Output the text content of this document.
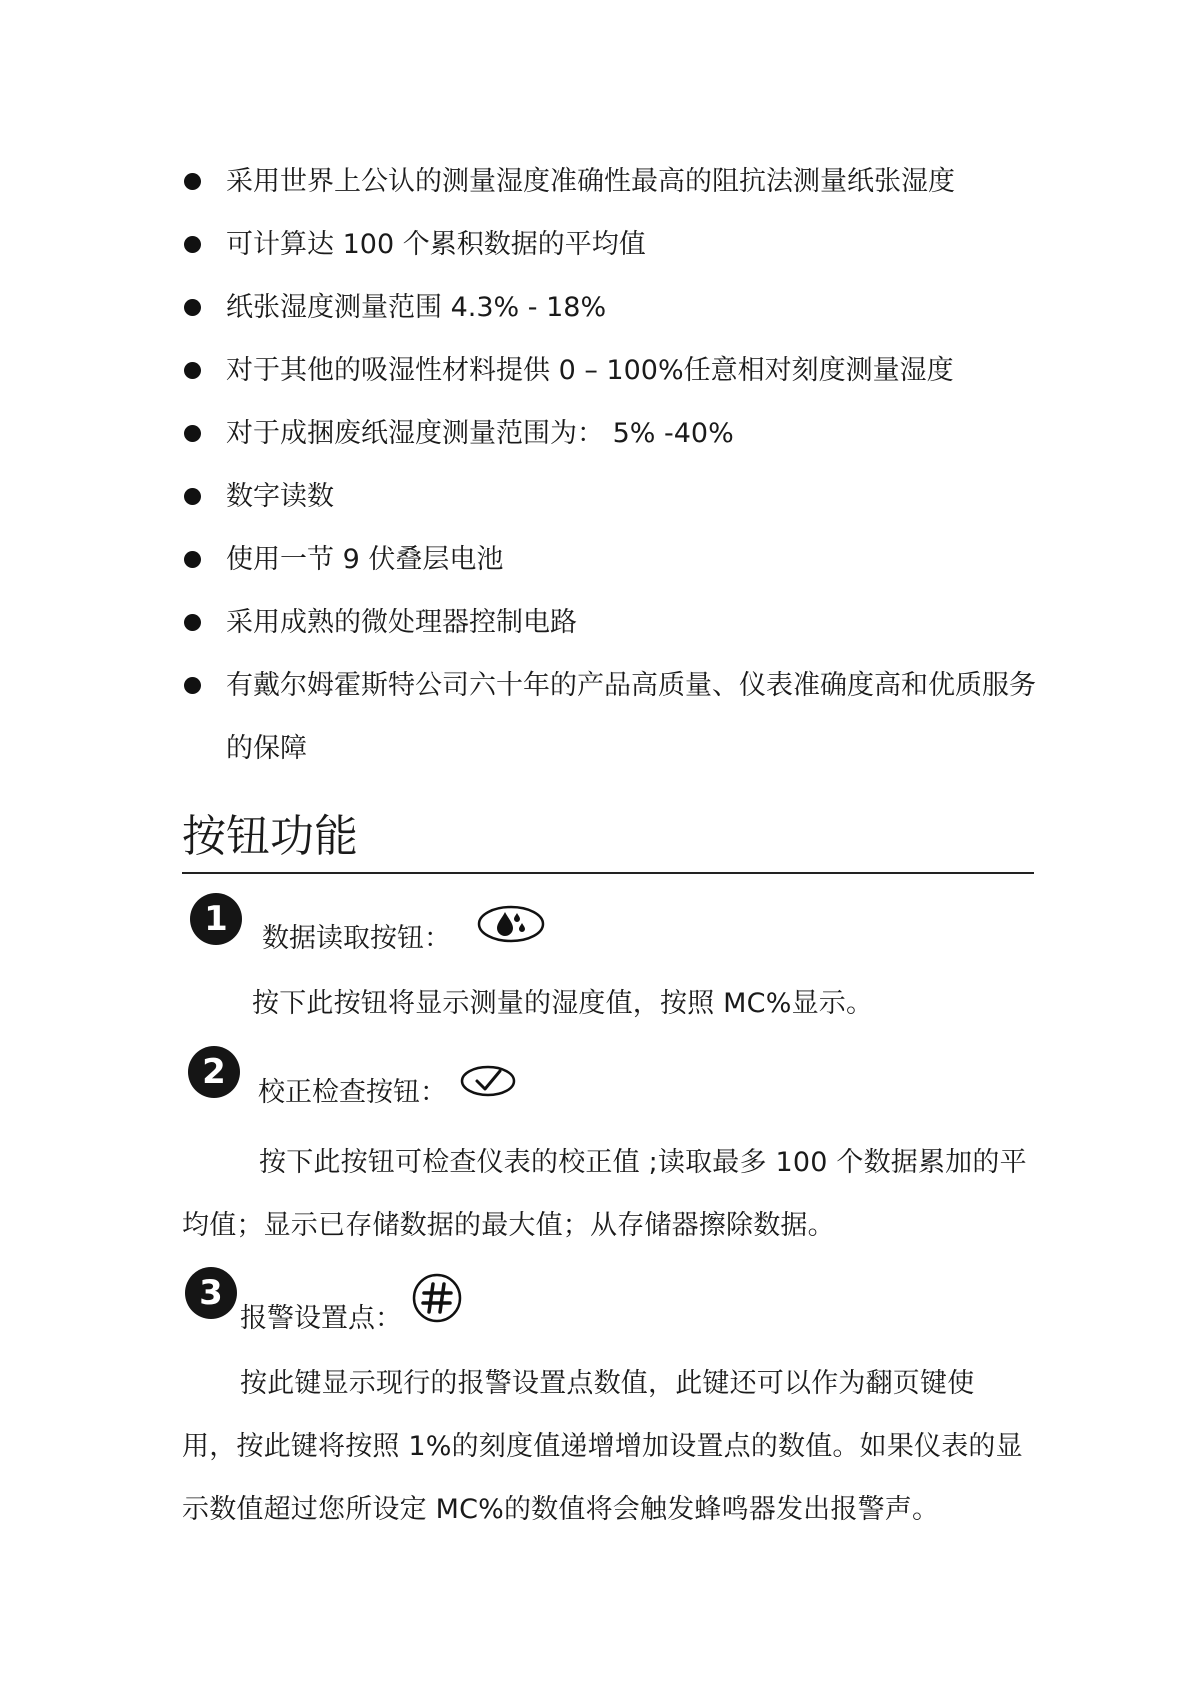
采用世界上公认的测量湿度准确性最高的阻抗法测量纸张湿度
可计算达 100 个累积数据的平均值
纸张湿度测量范围 4.3% - 18%
对于其他的吸湿性材料提供 0 – 100%任意相对刻度测量湿度
对于成捆废纸湿度测量范围为： 5% -40%
数字读数
使用一节 9 伏叠层电池
采用成熟的微处理器控制电路
有戴尔姆霍斯特公司六十年的产品高质量、仪表准确度高和优质服务的保障
按钮功能
1	数据读取按钮：

按下此按钮将显示测量的湿度值，按照 MC%显示。

2
校正检查按钮：

按下此按钮可检查仪表的校正值 ;读取最多 100 个数据累加的平均值；显示已存储数据的最大值；从存储器擦除数据。

3
报警设置点：

按此键显示现行的报警设置点数值，此键还可以作为翻页键使用，按此键将按照 1%的刻度值递增增加设置点的数值。如果仪表的显示数值超过您所设定 MC%的数值将会触发蜂鸣器发出报警声。
